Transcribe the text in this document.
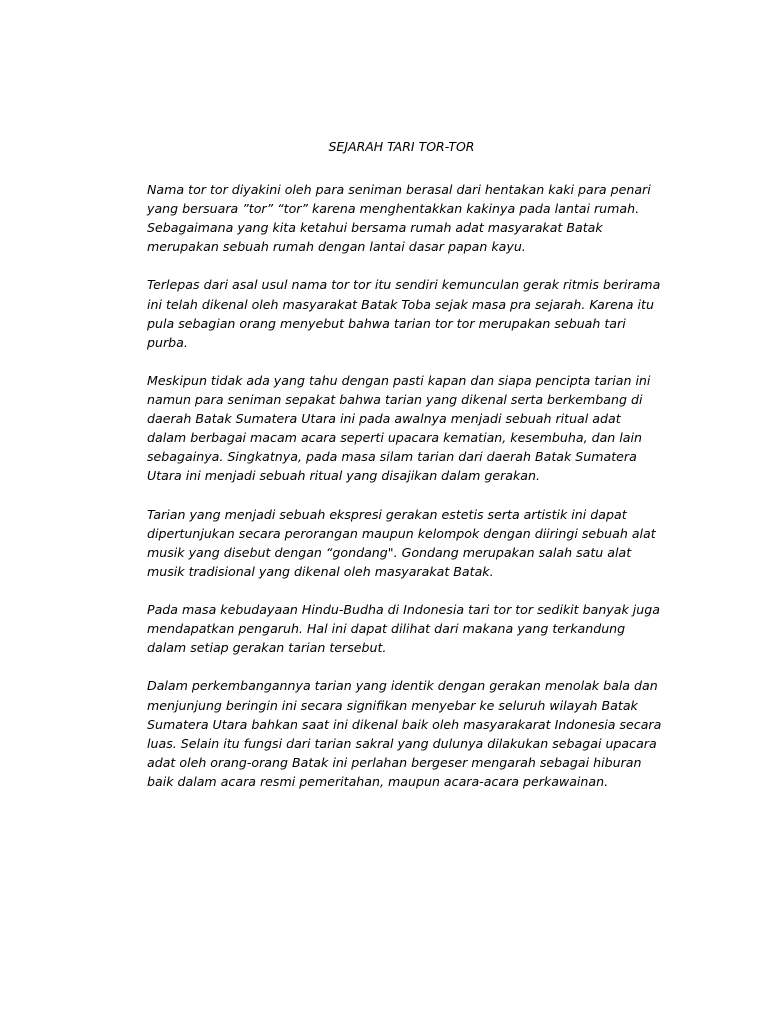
SEJARAH TARI TOR-TOR

Nama tor tor diyakini oleh para seniman berasal dari hentakan kaki para penari
yang bersuara ”tor” “tor” karena menghentakkan kakinya pada lantai rumah.
Sebagaimana yang kita ketahui bersama rumah adat masyarakat Batak
merupakan sebuah rumah dengan lantai dasar papan kayu.

Terlepas dari asal usul nama tor tor itu sendiri kemunculan gerak ritmis berirama
ini telah dikenal oleh masyarakat Batak Toba sejak masa pra sejarah. Karena itu
pula sebagian orang menyebut bahwa tarian tor tor merupakan sebuah tari
purba.

Meskipun tidak ada yang tahu dengan pasti kapan dan siapa pencipta tarian ini
namun para seniman sepakat bahwa tarian yang dikenal serta berkembang di
daerah Batak Sumatera Utara ini pada awalnya menjadi sebuah ritual adat
dalam berbagai macam acara seperti upacara kematian, kesembuha, dan lain
sebagainya. Singkatnya, pada masa silam tarian dari daerah Batak Sumatera
Utara ini menjadi sebuah ritual yang disajikan dalam gerakan.

Tarian yang menjadi sebuah ekspresi gerakan estetis serta artistik ini dapat
dipertunjukan secara perorangan maupun kelompok dengan diiringi sebuah alat
musik yang disebut dengan “gondang". Gondang merupakan salah satu alat
musik tradisional yang dikenal oleh masyarakat Batak.

Pada masa kebudayaan Hindu-Budha di Indonesia tari tor tor sedikit banyak juga
mendapatkan pengaruh. Hal ini dapat dilihat dari makana yang terkandung
dalam setiap gerakan tarian tersebut.

Dalam perkembangannya tarian yang identik dengan gerakan menolak bala dan
menjunjung beringin ini secara signifikan menyebar ke seluruh wilayah Batak
Sumatera Utara bahkan saat ini dikenal baik oleh masyarakarat Indonesia secara
luas. Selain itu fungsi dari tarian sakral yang dulunya dilakukan sebagai upacara
adat oleh orang-orang Batak ini perlahan bergeser mengarah sebagai hiburan
baik dalam acara resmi pemeritahan, maupun acara-acara perkawainan.
